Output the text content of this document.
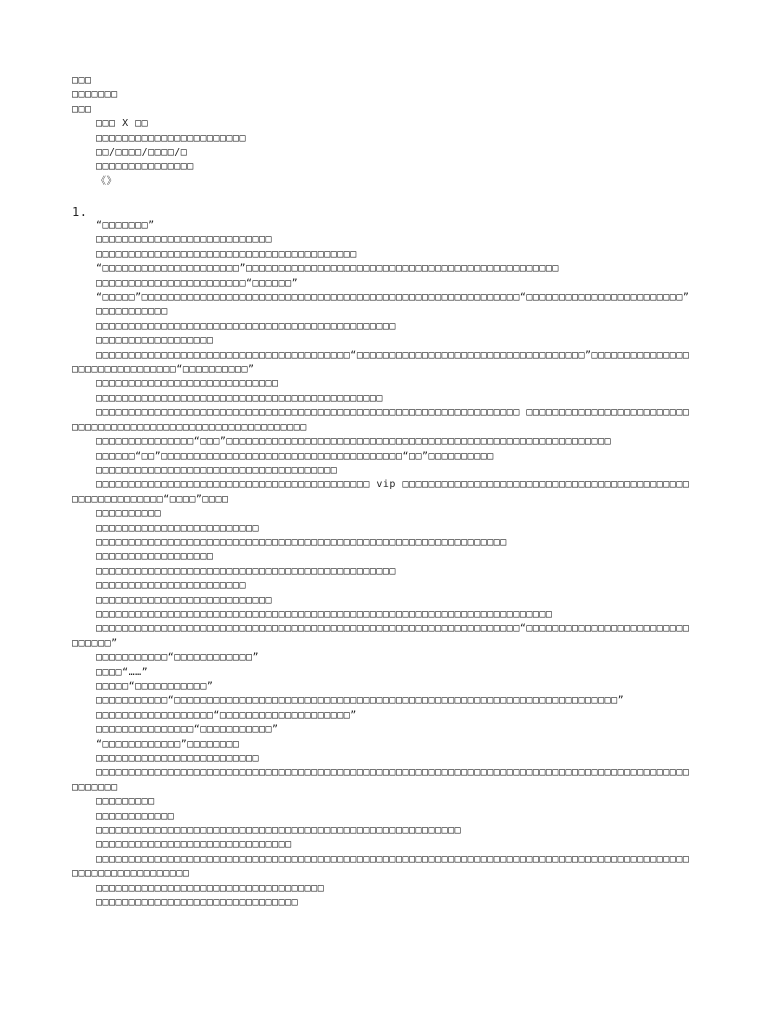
□□□
□□□□□□□
□□□
□□□ X □□
□□□□□□□□□□□□□□□□□□□□□□□
□□/□□□□/□□□□/□
□□□□□□□□□□□□□□□
《》
1.

“□□□□□□□”

□□□□□□□□□□□□□□□□□□□□□□□□□□□

□□□□□□□□□□□□□□□□□□□□□□□□□□□□□□□□□□□□□□□□

“□□□□□□□□□□□□□□□□□□□□□”□□□□□□□□□□□□□□□□□□□□□□□□□□□□□□□□□□□□□□□□□□□□□□□□

□□□□□□□□□□□□□□□□□□□□□□□“□□□□□□”

“□□□□□”□□□□□□□□□□□□□□□□□□□□□□□□□□□□□□□□□□□□□□□□□□□□□□□□□□□□□□□□□□“□□□□□□□□□□□□□□□□□□□□□□□□”

□□□□□□□□□□□

□□□□□□□□□□□□□□□□□□□□□□□□□□□□□□□□□□□□□□□□□□□□□□

□□□□□□□□□□□□□□□□□□

□□□□□□□□□□□□□□□□□□□□□□□□□□□□□□□□□□□□□□□“□□□□□□□□□□□□□□□□□□□□□□□□□□□□□□□□□□□”□□□□□□□□□□□□□□□□□□□□□□□□□□□□□□□“□□□□□□□□□□”

□□□□□□□□□□□□□□□□□□□□□□□□□□□□

□□□□□□□□□□□□□□□□□□□□□□□□□□□□□□□□□□□□□□□□□□□□

□□□□□□□□□□□□□□□□□□□□□□□□□□□□□□□□□□□□□□□□□□□□□□□□□□□□□□□□□□□□□□□□□ □□□□□□□□□□□□□□□□□□□□□□□□□□□□□□□□□□□□□□□□□□□□□□□□□□□□□□□□□□□□□

□□□□□□□□□□□□□□□“□□□”□□□□□□□□□□□□□□□□□□□□□□□□□□□□□□□□□□□□□□□□□□□□□□□□□□□□□□□□□□□

□□□□□□“□□”□□□□□□□□□□□□□□□□□□□□□□□□□□□□□□□□□□□□□“□□”□□□□□□□□□□

□□□□□□□□□□□□□□□□□□□□□□□□□□□□□□□□□□□□□

□□□□□□□□□□□□□□□□□□□□□□□□□□□□□□□□□□□□□□□□□□ vip □□□□□□□□□□□□□□□□□□□□□□□□□□□□□□□□□□□□□□□□□□□□□□□□□□□□□□□□□□“□□□□”□□□□

□□□□□□□□□□

□□□□□□□□□□□□□□□□□□□□□□□□□

□□□□□□□□□□□□□□□□□□□□□□□□□□□□□□□□□□□□□□□□□□□□□□□□□□□□□□□□□□□□□□□

□□□□□□□□□□□□□□□□□□

□□□□□□□□□□□□□□□□□□□□□□□□□□□□□□□□□□□□□□□□□□□□□□

□□□□□□□□□□□□□□□□□□□□□□□

□□□□□□□□□□□□□□□□□□□□□□□□□□□

□□□□□□□□□□□□□□□□□□□□□□□□□□□□□□□□□□□□□□□□□□□□□□□□□□□□□□□□□□□□□□□□□□□□□□

□□□□□□□□□□□□□□□□□□□□□□□□□□□□□□□□□□□□□□□□□□□□□□□□□□□□□□□□□□□□□□□□□“□□□□□□□□□□□□□□□□□□□□□□□□□□□□□□□”

□□□□□□□□□□□“□□□□□□□□□□□□”

□□□□“……”

□□□□□“□□□□□□□□□□□”

□□□□□□□□□□□“□□□□□□□□□□□□□□□□□□□□□□□□□□□□□□□□□□□□□□□□□□□□□□□□□□□□□□□□□□□□□□□□□□□□”

□□□□□□□□□□□□□□□□□□“□□□□□□□□□□□□□□□□□□□□”

□□□□□□□□□□□□□□□“□□□□□□□□□□□”

“□□□□□□□□□□□□”□□□□□□□□

□□□□□□□□□□□□□□□□□□□□□□□□□

□□□□□□□□□□□□□□□□□□□□□□□□□□□□□□□□□□□□□□□□□□□□□□□□□□□□□□□□□□□□□□□□□□□□□□□□□□□□□□□□□□□□□□□□□□□□□□□□□□

□□□□□□□□□

□□□□□□□□□□□□

□□□□□□□□□□□□□□□□□□□□□□□□□□□□□□□□□□□□□□□□□□□□□□□□□□□□□□□□

□□□□□□□□□□□□□□□□□□□□□□□□□□□□□□

□□□□□□□□□□□□□□□□□□□□□□□□□□□□□□□□□□□□□□□□□□□□□□□□□□□□□□□□□□□□□□□□□□□□□□□□□□□□□□□□□□□□□□□□□□□□□□□□□□□□□□□□□□□□□

□□□□□□□□□□□□□□□□□□□□□□□□□□□□□□□□□□□

□□□□□□□□□□□□□□□□□□□□□□□□□□□□□□□
